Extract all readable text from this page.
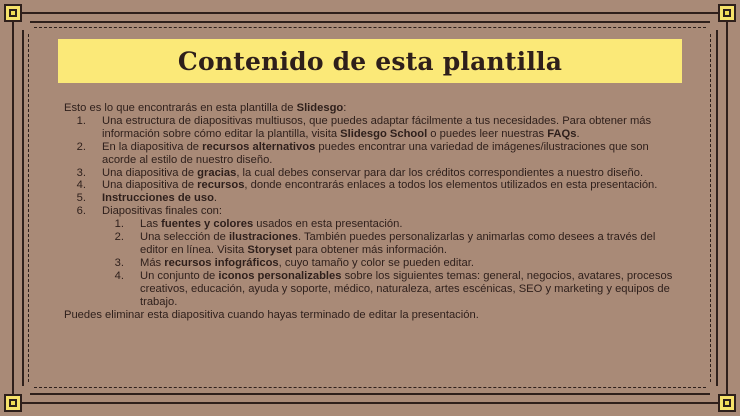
Contenido de esta plantilla

Esto es lo que encontrarás en esta plantilla de Slidesgo:

1.	Una estructura de diapositivas multiusos, que puedes adaptar fácilmente a tus necesidades. Para obtener más información sobre cómo editar la plantilla, visita Slidesgo School o puedes leer nuestras FAQs.
2.	En la diapositiva de recursos alternativos puedes encontrar una variedad de imágenes/ilustraciones que son acorde al estilo de nuestro diseño.
3.	Una diapositiva de gracias, la cual debes conservar para dar los créditos correspondientes a nuestro diseño.
4.	Una diapositiva de recursos, donde encontrarás enlaces a todos los elementos utilizados en esta presentación.
5.	Instrucciones de uso.
6.	Diapositivas finales con:
1.	Las fuentes y colores usados en esta presentación.
2.	Una selección de ilustraciones. También puedes personalizarlas y animarlas como desees a través del editor en línea. Visita Storyset para obtener más información.
3.	Más recursos infográficos, cuyo tamaño y color se pueden editar.
4.	Un conjunto de iconos personalizables sobre los siguientes temas: general, negocios, avatares, procesos creativos, educación, ayuda y soporte, médico, naturaleza, artes escénicas, SEO y marketing y equipos de trabajo.

Puedes eliminar esta diapositiva cuando hayas terminado de editar la presentación.
